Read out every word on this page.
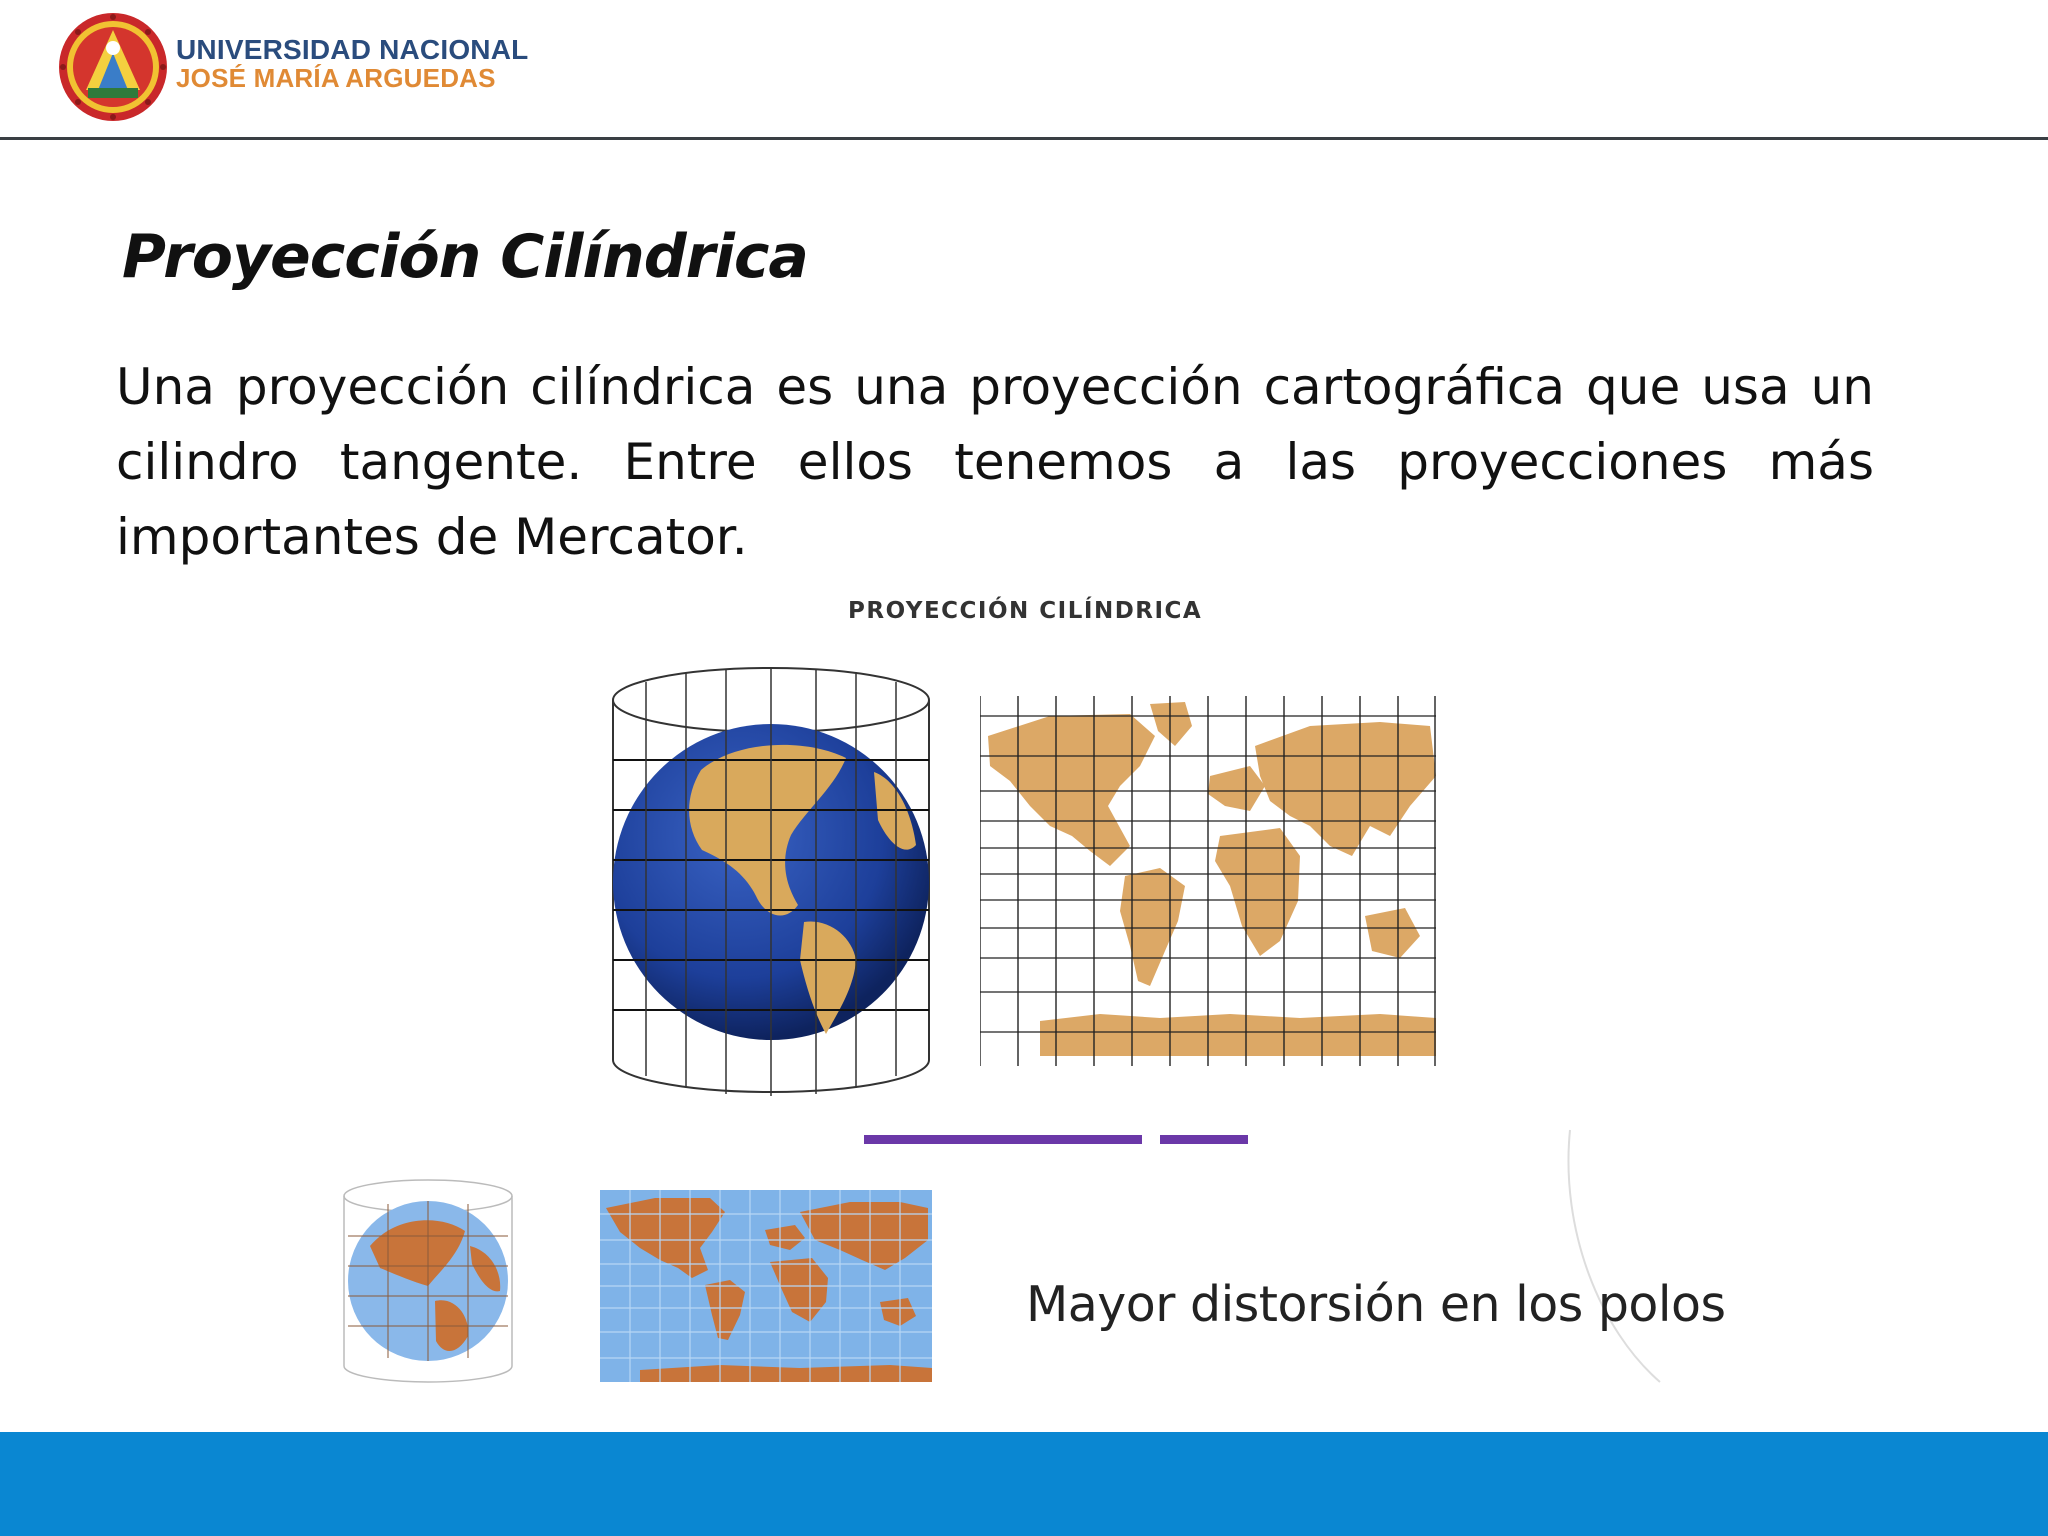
UNIVERSIDAD NACIONAL
JOSÉ MARÍA ARGUEDAS
Proyección Cilíndrica
Una proyección cilíndrica es una proyección cartográfica que usa un cilindro tangente. Entre ellos tenemos a las proyecciones más importantes de Mercator.
PROYECCIÓN CILÍNDRICA
Mayor distorsión en los polos
